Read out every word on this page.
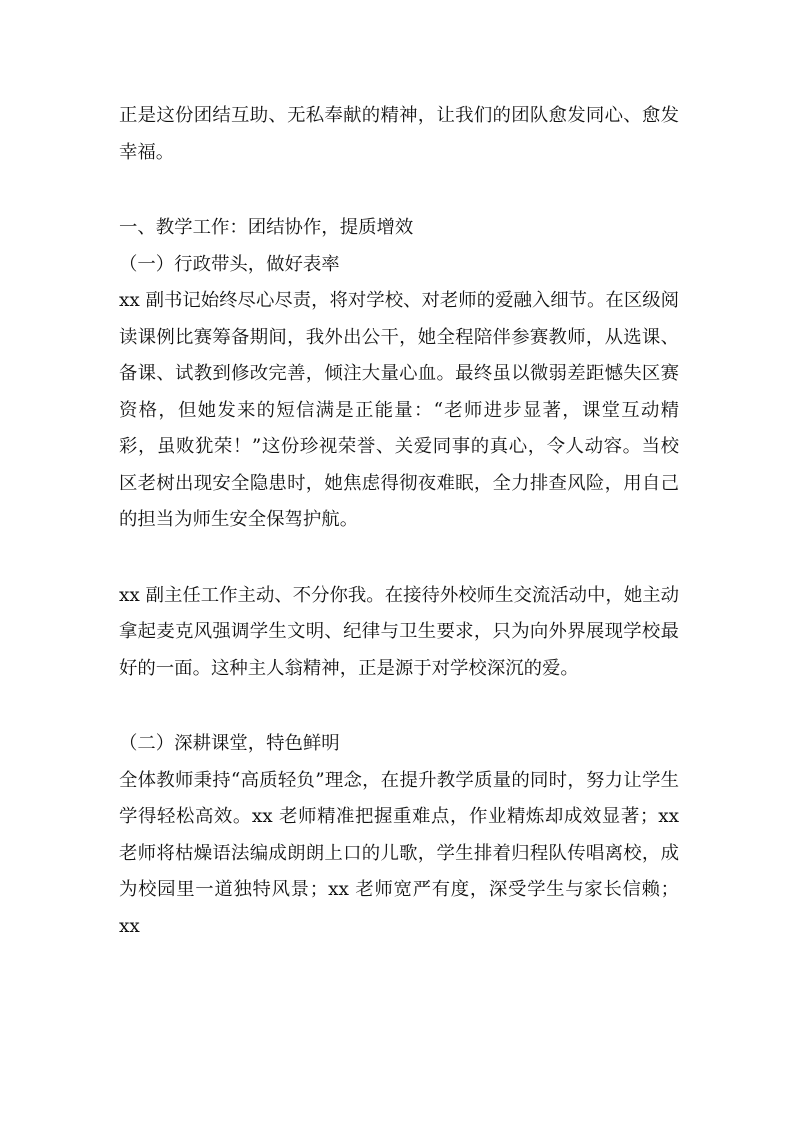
正是这份团结互助、无私奉献的精神，让我们的团队愈发同心、愈发幸福。

一、教学工作：团结协作，提质增效

（一）行政带头，做好表率

xx 副书记始终尽心尽责，将对学校、对老师的爱融入细节。在区级阅读课例比赛筹备期间，我外出公干，她全程陪伴参赛教师，从选课、备课、试教到修改完善，倾注大量心血。最终虽以微弱差距憾失区赛资格，但她发来的短信满是正能量：“老师进步显著，课堂互动精彩，虽败犹荣！”这份珍视荣誉、关爱同事的真心，令人动容。当校区老树出现安全隐患时，她焦虑得彻夜难眠，全力排查风险，用自己的担当为师生安全保驾护航。

xx 副主任工作主动、不分你我。在接待外校师生交流活动中，她主动拿起麦克风强调学生文明、纪律与卫生要求，只为向外界展现学校最好的一面。这种主人翁精神，正是源于对学校深沉的爱。

（二）深耕课堂，特色鲜明

全体教师秉持“高质轻负”理念，在提升教学质量的同时，努力让学生学得轻松高效。xx 老师精准把握重难点，作业精炼却成效显著；xx 老师将枯燥语法编成朗朗上口的儿歌，学生排着归程队传唱离校，成为校园里一道独特风景；xx 老师宽严有度，深受学生与家长信赖；xx
